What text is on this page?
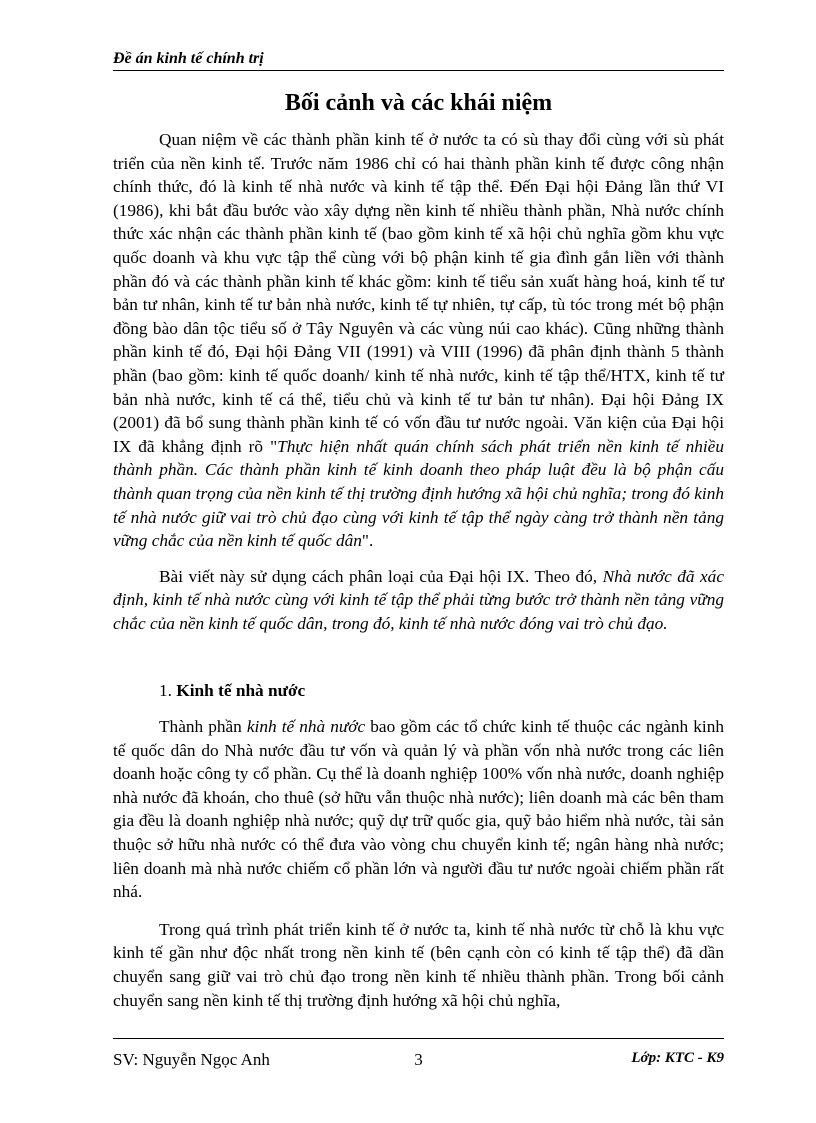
Đề án kinh tế chính trị
Bối cảnh và các khái niệm

Quan niệm về các thành phần kinh tế ở nước ta có sù thay đổi cùng với sù phát triển của nền kinh tế. Trước năm 1986 chỉ có hai thành phần kinh tế được công nhận chính thức, đó là kinh tế nhà nước và kinh tế tập thể. Đến Đại hội Đảng lần thứ VI (1986), khi bắt đầu bước vào xây dựng nền kinh tế nhiều thành phần, Nhà nước chính thức xác nhận các thành phần kinh tế (bao gồm kinh tế xã hội chủ nghĩa gồm khu vực quốc doanh và khu vực tập thể cùng với bộ phận kinh tế gia đình gắn liền với thành phần đó và các thành phần kinh tế khác gồm: kinh tế tiểu sản xuất hàng hoá, kinh tế tư bản tư nhân, kinh tế tư bản nhà nước, kinh tế tự nhiên, tự cấp, tù tóc trong mét bộ phận đồng bào dân tộc tiểu số ở Tây Nguyên và các vùng núi cao khác). Cũng những thành phần kinh tế đó, Đại hội Đảng VII (1991) và VIII (1996) đã phân định thành 5 thành phần (bao gồm: kinh tế quốc doanh/ kinh tế nhà nước, kinh tế tập thể/HTX, kinh tế tư bản nhà nước, kinh tế cá thể, tiểu chủ và kinh tế tư bản tư nhân). Đại hội Đảng IX (2001) đã bổ sung thành phần kinh tế có vốn đầu tư nước ngoài. Văn kiện của Đại hội IX đã khẳng định rõ "Thực hiện nhất quán chính sách phát triển nền kinh tế nhiều thành phần. Các thành phần kinh tế kinh doanh theo pháp luật đều là bộ phận cấu thành quan trọng của nền kinh tế thị trường định hướng xã hội chủ nghĩa; trong đó kinh tế nhà nước giữ vai trò chủ đạo cùng với kinh tế tập thể ngày càng trở thành nền tảng vững chắc của nền kinh tế quốc dân".

Bài viết này sử dụng cách phân loại của Đại hội IX. Theo đó, Nhà nước đã xác định, kinh tế nhà nước cùng với kinh tế tập thể phải từng bước trở thành nền tảng vững chắc của nền kinh tế quốc dân, trong đó, kinh tế nhà nước đóng vai trò chủ đạo.

1. Kinh tế nhà nước

Thành phần kinh tế nhà nước bao gồm các tổ chức kinh tế thuộc các ngành kinh tế quốc dân do Nhà nước đầu tư vốn và quản lý và phần vốn nhà nước trong các liên doanh hoặc công ty cổ phần. Cụ thể là doanh nghiệp 100% vốn nhà nước, doanh nghiệp nhà nước đã khoán, cho thuê (sở hữu vẫn thuộc nhà nước); liên doanh mà các bên tham gia đều là doanh nghiệp nhà nước; quỹ dự trữ quốc gia, quỹ bảo hiểm nhà nước, tài sản thuộc sở hữu nhà nước có thể đưa vào vòng chu chuyển kinh tế; ngân hàng nhà nước; liên doanh mà nhà nước chiếm cổ phần lớn và người đầu tư nước ngoài chiếm phần rất nhá.

Trong quá trình phát triển kinh tế ở nước ta, kinh tế nhà nước từ chỗ là khu vực kinh tế gần như độc nhất trong nền kinh tế (bên cạnh còn có kinh tế tập thể) đã dần chuyển sang giữ vai trò chủ đạo trong nền kinh tế nhiều thành phần. Trong bối cảnh chuyển sang nền kinh tế thị trường định hướng xã hội chủ nghĩa,

SV: Nguyễn Ngọc Anh	3	Lớp: KTC - K9
